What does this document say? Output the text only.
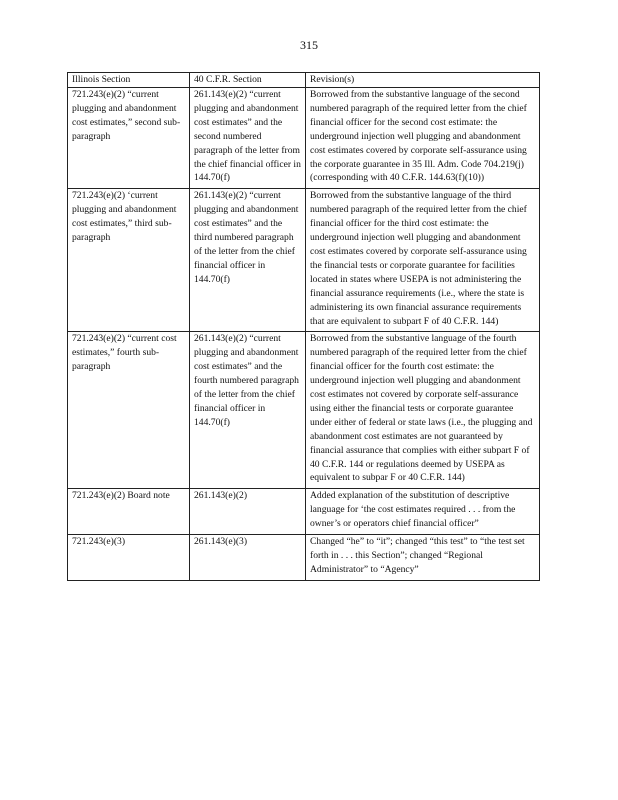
315
Illinois Section	40 C.F.R. Section	Revision(s)
721.243(e)(2) “current plugging and abandonment cost estimates,” second sub-paragraph	261.143(e)(2) “current plugging and abandonment cost estimates” and the second numbered paragraph of the letter from the chief financial officer in 144.70(f)	Borrowed from the substantive language of the second numbered paragraph of the required letter from the chief financial officer for the second cost estimate: the underground injection well plugging and abandonment cost estimates covered by corporate self-assurance using the corporate guarantee in 35 Ill. Adm. Code 704.219(j) (corresponding with 40 C.F.R. 144.63(f)(10))
721.243(e)(2) ‘current plugging and abandonment cost estimates,” third sub-paragraph	261.143(e)(2) “current plugging and abandonment cost estimates” and the third numbered paragraph of the letter from the chief financial officer in 144.70(f)	Borrowed from the substantive language of the third numbered paragraph of the required letter from the chief financial officer for the third cost estimate: the underground injection well plugging and abandonment cost estimates covered by corporate self-assurance using the financial tests or corporate guarantee for facilities located in states where USEPA is not administering the financial assurance requirements (i.e., where the state is administering its own financial assurance requirements that are equivalent to subpart F of 40 C.F.R. 144)
721.243(e)(2) “current cost estimates,” fourth sub-paragraph	261.143(e)(2) “current plugging and abandonment cost estimates” and the fourth numbered paragraph of the letter from the chief financial officer in 144.70(f)	Borrowed from the substantive language of the fourth numbered paragraph of the required letter from the chief financial officer for the fourth cost estimate: the underground injection well plugging and abandonment cost estimates not covered by corporate self-assurance using either the financial tests or corporate guarantee under either of federal or state laws (i.e., the plugging and abandonment cost estimates are not guaranteed by financial assurance that complies with either subpart F of 40 C.F.R. 144 or regulations deemed by USEPA as equivalent to subpar F or 40 C.F.R. 144)
721.243(e)(2) Board note	261.143(e)(2)	Added explanation of the substitution of descriptive language for ‘the cost estimates required . . . from the owner’s or operators chief financial officer”
721.243(e)(3)	261.143(e)(3)	Changed “he” to “it”; changed “this test” to “the test set forth in . . . this Section”; changed “Regional Administrator” to “Agency”
